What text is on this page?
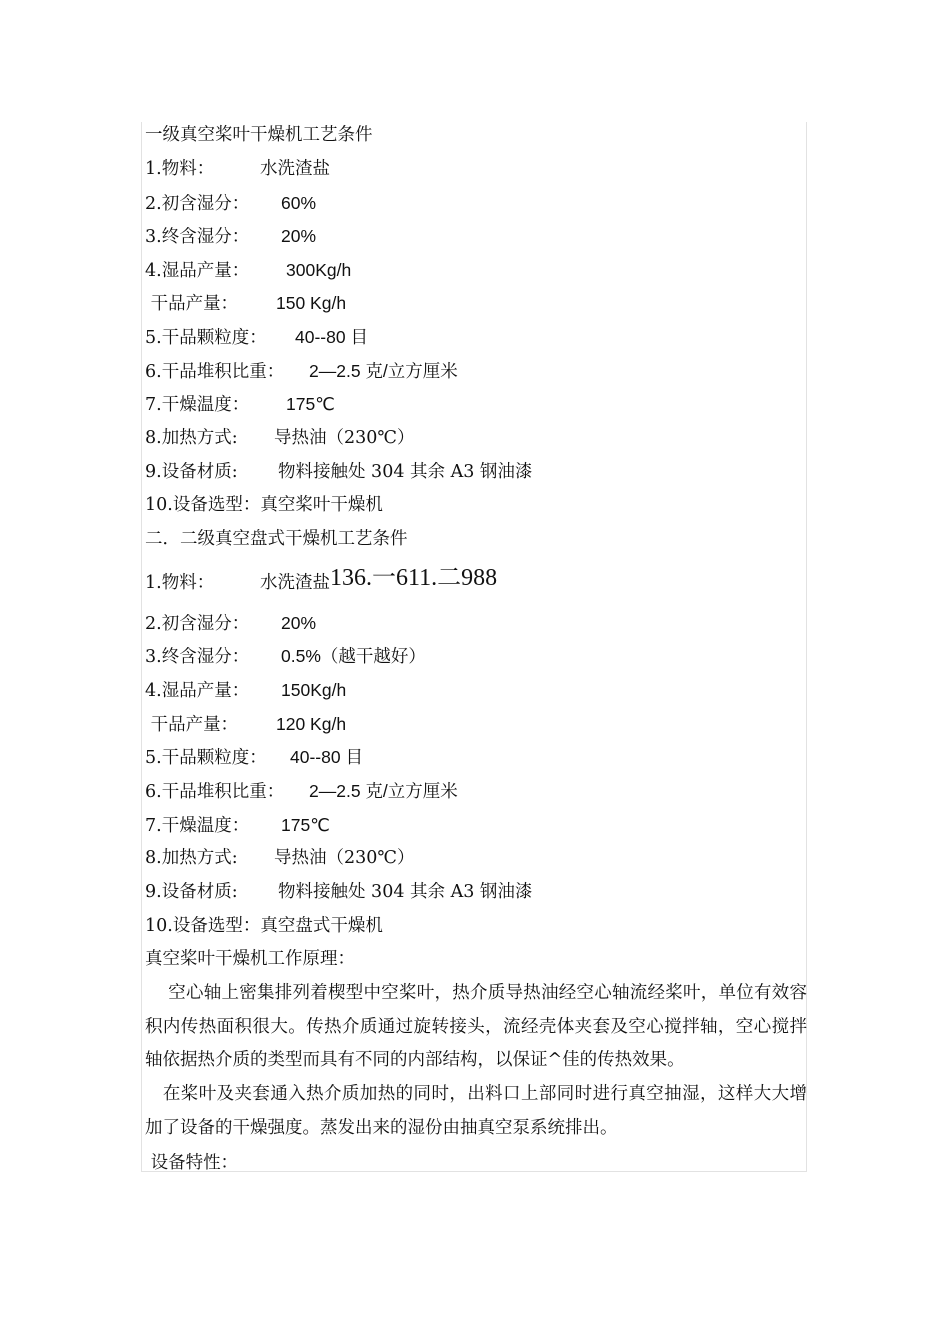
一级真空桨叶干燥机工艺条件
1.物料：	水洗渣盐
2.初含湿分： 60%
3.终含湿分： 20%
4.湿品产量： 300Kg/h
干品产量： 150 Kg/h
5.干品颗粒度： 40--80 目
6.干品堆积比重： 2—2.5 克/立方厘米
7.干燥温度： 175℃
8.加热方式: 导热油（230℃）
9.设备材质: 物料接触处 304 其余 A3 钢油漆
10.设备选型：真空桨叶干燥机
二．二级真空盘式干燥机工艺条件
1.物料：	水洗渣盐136.一611.二988
2.初含湿分： 20%
3.终含湿分： 0.5%（越干越好）
4.湿品产量： 150Kg/h
干品产量： 120 Kg/h
5.干品颗粒度： 40--80 目
6.干品堆积比重： 2—2.5 克/立方厘米
7.干燥温度： 175℃
8.加热方式: 导热油（230℃）
9.设备材质: 物料接触处 304 其余 A3 钢油漆
10.设备选型：真空盘式干燥机
真空桨叶干燥机工作原理：
空心轴上密集排列着楔型中空桨叶，热介质导热油经空心轴流经桨叶，单位有效容积内传热面积很大。传热介质通过旋转接头，流经壳体夹套及空心搅拌轴，空心搅拌轴依据热介质的类型而具有不同的内部结构，以保证^佳的传热效果。
在桨叶及夹套通入热介质加热的同时，出料口上部同时进行真空抽湿，这样大大增加了设备的干燥强度。蒸发出来的湿份由抽真空泵系统排出。
设备特性：
